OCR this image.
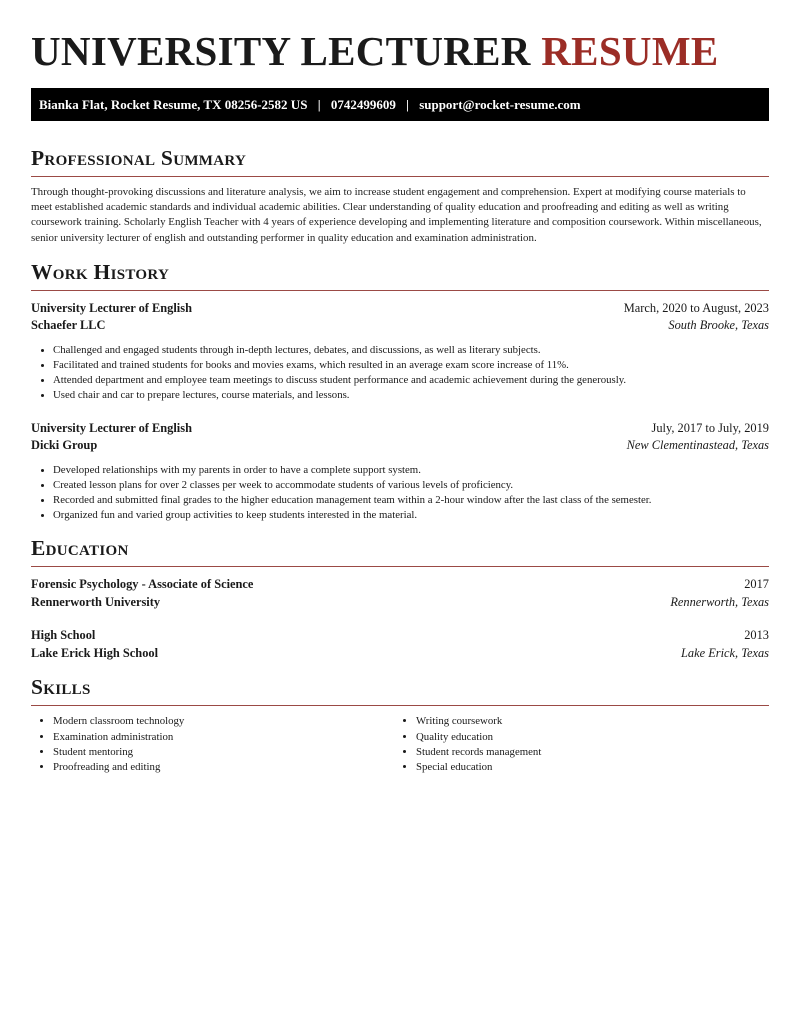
UNIVERSITY LECTURER RESUME
Bianka Flat, Rocket Resume, TX 08256-2582 US | 0742499609 | support@rocket-resume.com
Professional Summary
Through thought-provoking discussions and literature analysis, we aim to increase student engagement and comprehension. Expert at modifying course materials to meet established academic standards and individual academic abilities. Clear understanding of quality education and proofreading and editing as well as writing coursework training. Scholarly English Teacher with 4 years of experience developing and implementing literature and composition coursework. Within miscellaneous, senior university lecturer of english and outstanding performer in quality education and examination administration.
Work History
University Lecturer of English	March, 2020 to August, 2023
Schaefer LLC	South Brooke, Texas
• Challenged and engaged students through in-depth lectures, debates, and discussions, as well as literary subjects.
• Facilitated and trained students for books and movies exams, which resulted in an average exam score increase of 11%.
• Attended department and employee team meetings to discuss student performance and academic achievement during the generously.
• Used chair and car to prepare lectures, course materials, and lessons.
University Lecturer of English	July, 2017 to July, 2019
Dicki Group	New Clementinastead, Texas
• Developed relationships with my parents in order to have a complete support system.
• Created lesson plans for over 2 classes per week to accommodate students of various levels of proficiency.
• Recorded and submitted final grades to the higher education management team within a 2-hour window after the last class of the semester.
• Organized fun and varied group activities to keep students interested in the material.
Education
Forensic Psychology - Associate of Science	2017
Rennerworth University	Rennerworth, Texas
High School	2013
Lake Erick High School	Lake Erick, Texas
Skills
• Modern classroom technology
• Examination administration
• Student mentoring
• Proofreading and editing
• Writing coursework
• Quality education
• Student records management
• Special education
